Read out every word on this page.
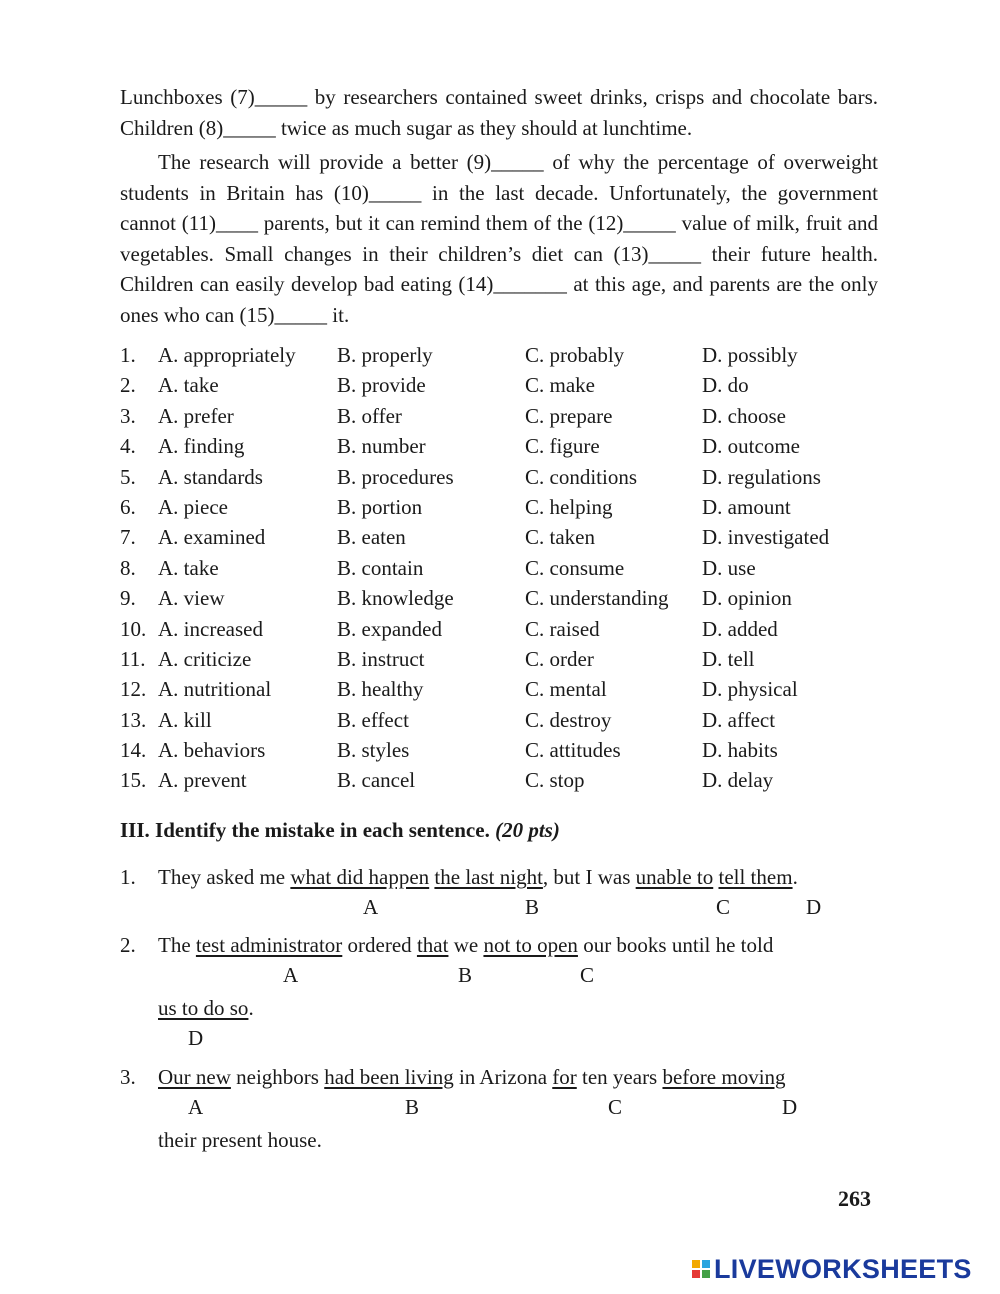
Lunchboxes (7)_____ by researchers contained sweet drinks, crisps and chocolate bars. Children (8)_____ twice as much sugar as they should at lunchtime.

The research will provide a better (9)_____ of why the percentage of overweight students in Britain has (10)_____ in the last decade. Unfortunately, the government cannot (11)____ parents, but it can remind them of the (12)_____ value of milk, fruit and vegetables. Small changes in their children’s diet can (13)_____ their future health. Children can easily develop bad eating (14)_______ at this age, and parents are the only ones who can (15)_____ it.

1. A. appropriately B. properly	C. probably	D. possibly
2. A. take	B. provide	C. make	D. do
3. A. prefer	B. offer	C. prepare	D. choose
4. A. finding	B. number	C. figure	D. outcome
5. A. standards	B. procedures	C. conditions	D. regulations
6. A. piece	B. portion	C. helping	D. amount
7. A. examined	B. eaten	C. taken	D. investigated
8. A. take	B. contain	C. consume	D. use
9. A. view	B. knowledge	C. understanding D. opinion
10. A. increased	B. expanded	C. raised	D. added
11. A. criticize	B. instruct	C. order	D. tell
12. A. nutritional	B. healthy	C. mental	D. physical
13. A. kill	B. effect	C. destroy	D. affect
14. A. behaviors	B. styles	C. attitudes	D. habits
15. A. prevent	B. cancel	C. stop	D. delay

III. Identify the mistake in each sentence. (20 pts)

1. They asked me what did happen the last night, but I was unable to tell them.
A	B	C	D
2. The test administrator ordered that we not to open our books until he told
A	B	C
us to do so.
D
3. Our new neighbors had been living in Arizona for ten years before moving
A	B	C	D
their present house.
263
LIVEWORKSHEETS
